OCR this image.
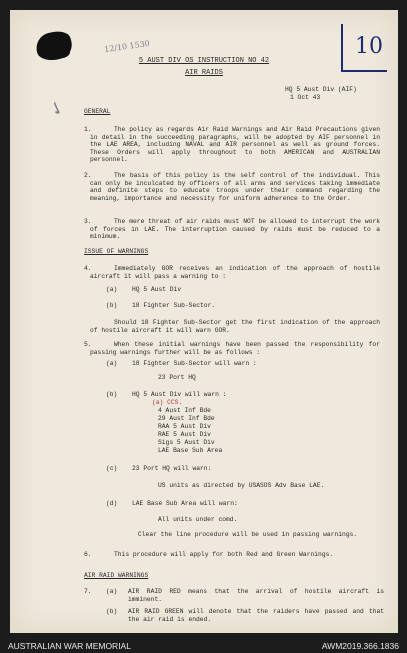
12/10 1530
✓
10
5 AUST DIV OS INSTRUCTION NO 42
AIR RAIDS
HQ 5 Aust Div (AIF)
1 Oct 43
GENERAL
1.	The policy as regards Air Raid Warnings and Air Raid Precautions given in detail in the succeeding paragraphs, will be adopted by AIF personnel in the LAE AREA, including NAVAL and AIR personnel as well as ground forces. These Orders will apply throughout to both AMERICAN and AUSTRALIAN personnel.
2.	The basis of this policy is the self control of the individual. This can only be inculcated by officers of all arms and services taking immediate and definite steps to educate troops under their command regarding the meaning, importance and necessity for uniform adherence to the Order.
3.	The mere threat of air raids must NOT be allowed to interrupt the work of forces in LAE. The interruption caused by raids must be reduced to a minimum.
ISSUE OF WARNINGS
4.	Immediately GOR receives an indication of the approach of hostile aircraft it will pass a warning to :
(a) HQ 5 Aust Div
(b) 18 Fighter Sub-Sector.
Should 18 Fighter Sub-Sector get the first indication of the approach of hostile aircraft it will warn GOR.
5.	When these initial warnings have been passed the responsibility for passing warnings further will be as follows :
(a) 18 Fighter Sub-Sector will warn :
23 Port HQ
(b) HQ 5 Aust Div will warn :
(a) CCS.
4 Aust Inf Bde
29 Aust Inf Bde
RAA 5 Aust Div
RAE 5 Aust Div
Sigs 5 Aust Div
LAE Base Sub Area
(c) 23 Port HQ will warn:
US units as directed by USASOS Adv Base LAE.
(d) LAE Base Sub Area will warn:
All units under comd.
Clear the line procedure will be used in passing warnings.
6.	This procedure will apply for both Red and Green Warnings.
AIR RAID WARNINGS
7. (a) AIR RAID RED means that the arrival of hostile aircraft is imminent.
(b) AIR RAID GREEN will denote that the raiders have passed and that the air raid is ended.
AUSTRALIAN WAR MEMORIAL	AWM2019.366.1836
